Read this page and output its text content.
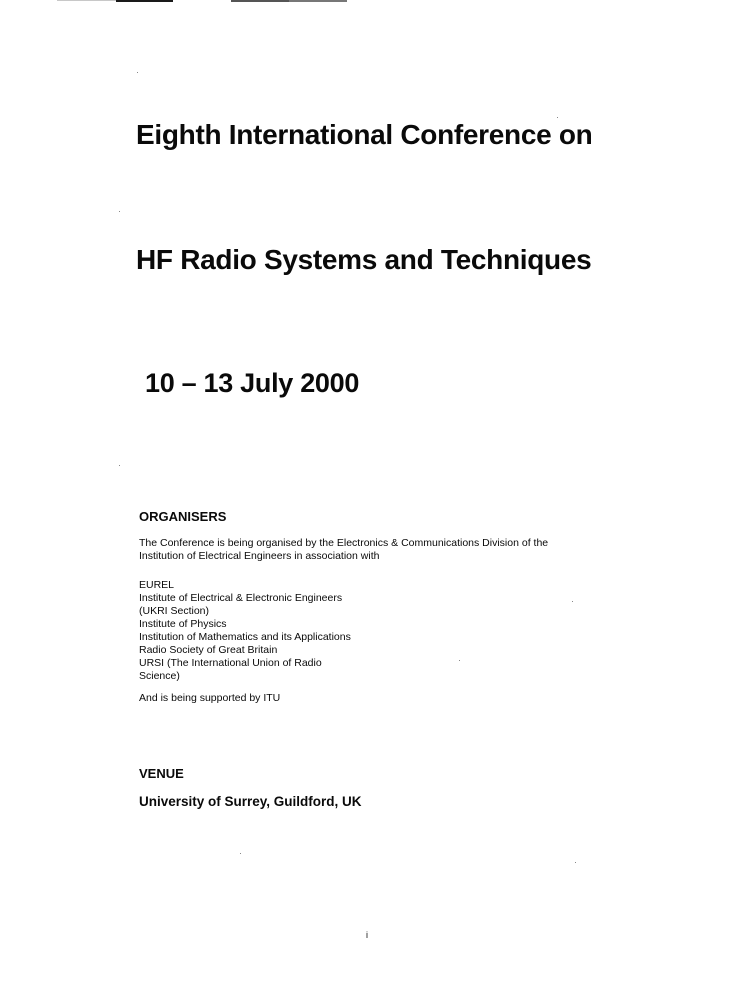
Eighth International Conference on
HF Radio Systems and Techniques
10 – 13 July 2000
ORGANISERS
The Conference is being organised by the Electronics & Communications Division of the Institution of Electrical Engineers in association with
EUREL
Institute of Electrical & Electronic Engineers
(UKRI Section)
Institute of Physics
Institution of Mathematics and its Applications
Radio Society of Great Britain
URSI (The International Union of Radio
Science)
And is being supported by ITU
VENUE
University of Surrey, Guildford, UK
i
